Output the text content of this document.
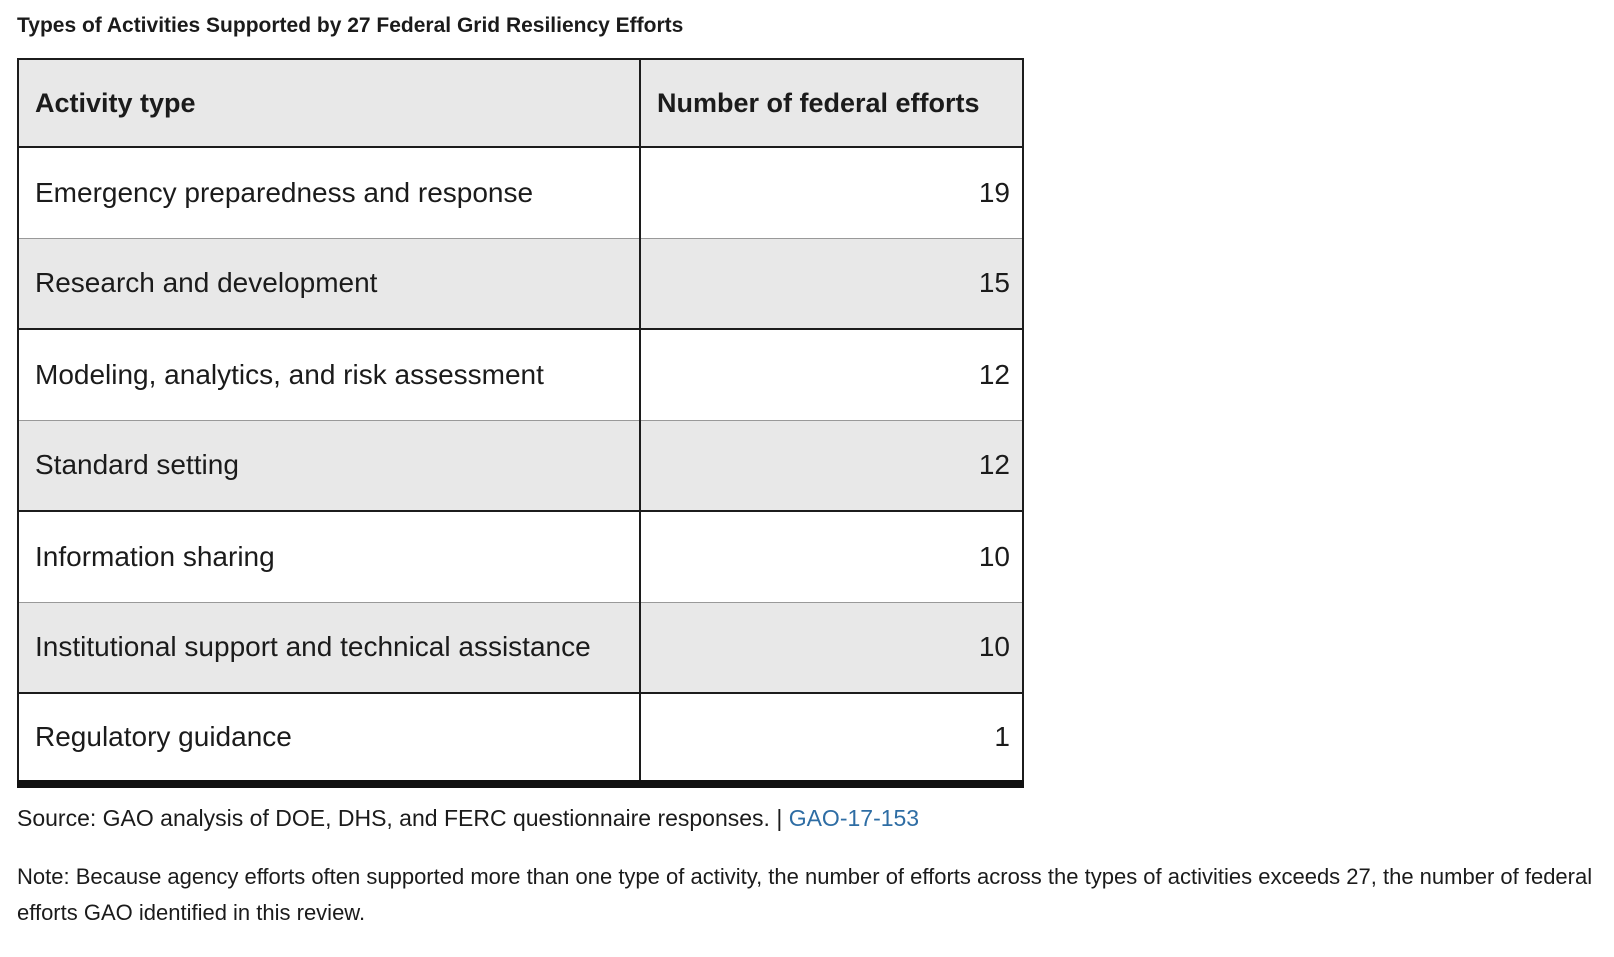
Types of Activities Supported by 27 Federal Grid Resiliency Efforts
Activity type	Number of federal efforts
Emergency preparedness and response	19
Research and development	15
Modeling, analytics, and risk assessment	12
Standard setting	12
Information sharing	10
Institutional support and technical assistance	10
Regulatory guidance	1

Source: GAO analysis of DOE, DHS, and FERC questionnaire responses. | GAO-17-153

Note: Because agency efforts often supported more than one type of activity, the number of efforts across the types of activities exceeds 27, the number of federal efforts GAO identified in this review.
